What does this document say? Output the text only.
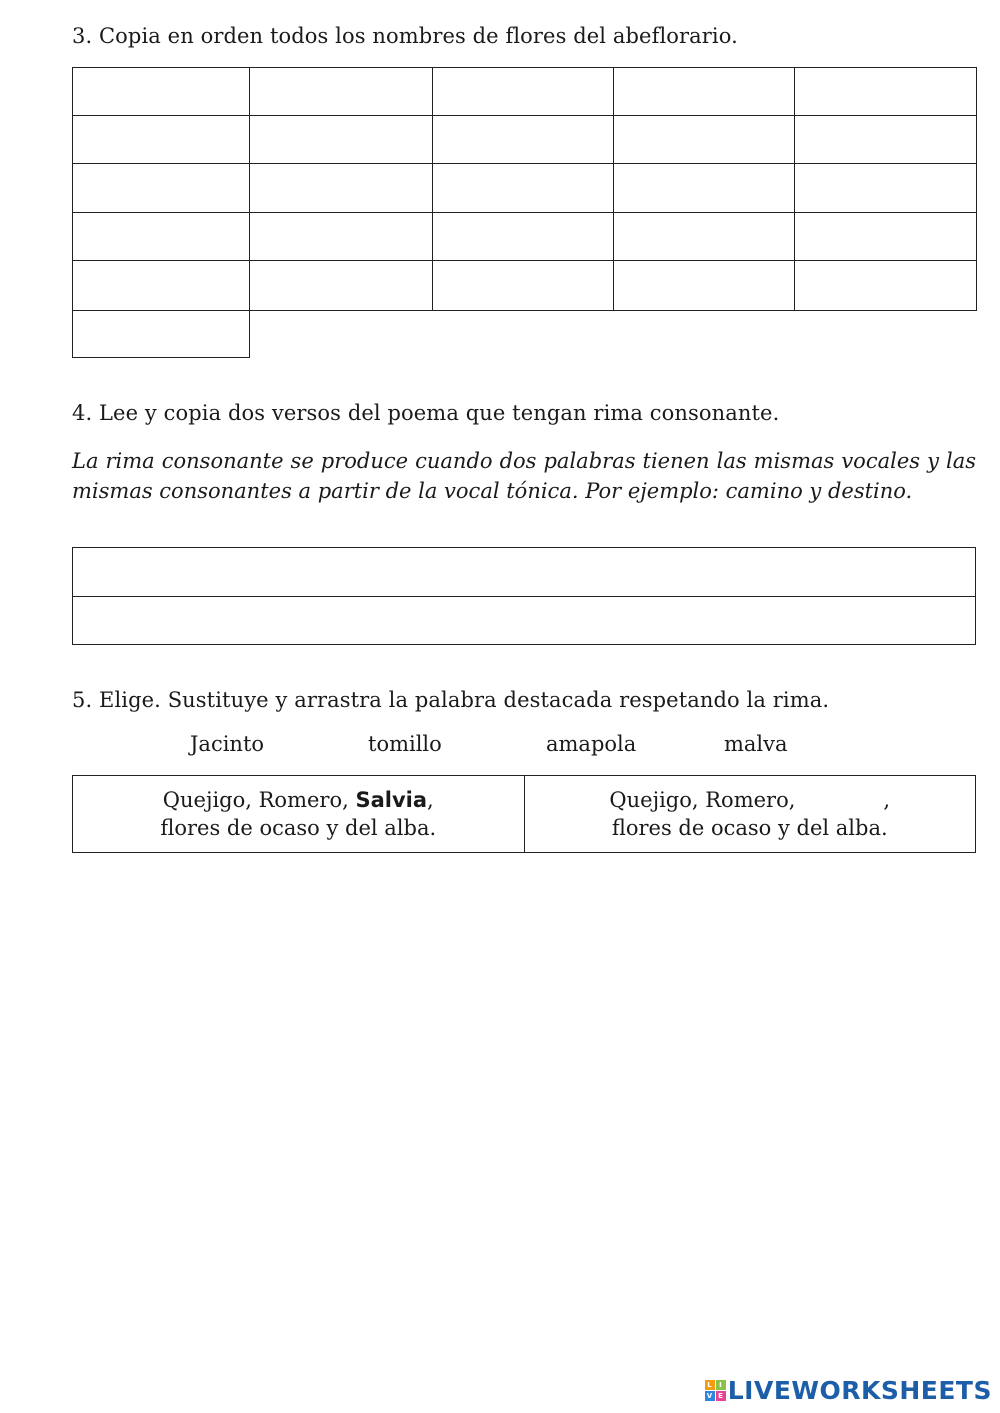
3. Copia en orden todos los nombres de flores del abeflorario.
4. Lee y copia dos versos del poema que tengan rima consonante.
La rima consonante se produce cuando dos palabras tienen las mismas vocales y las mismas consonantes a partir de la vocal tónica. Por ejemplo: camino y destino.
5. Elige. Sustituye y arrastra la palabra destacada respetando la rima.
Jacinto	tomillo	amapola	malva
Quejigo, Romero, Salvia,
flores de ocaso y del alba.
Quejigo, Romero,	,
flores de ocaso y del alba.
L I
V E LIVEWORKSHEETS
